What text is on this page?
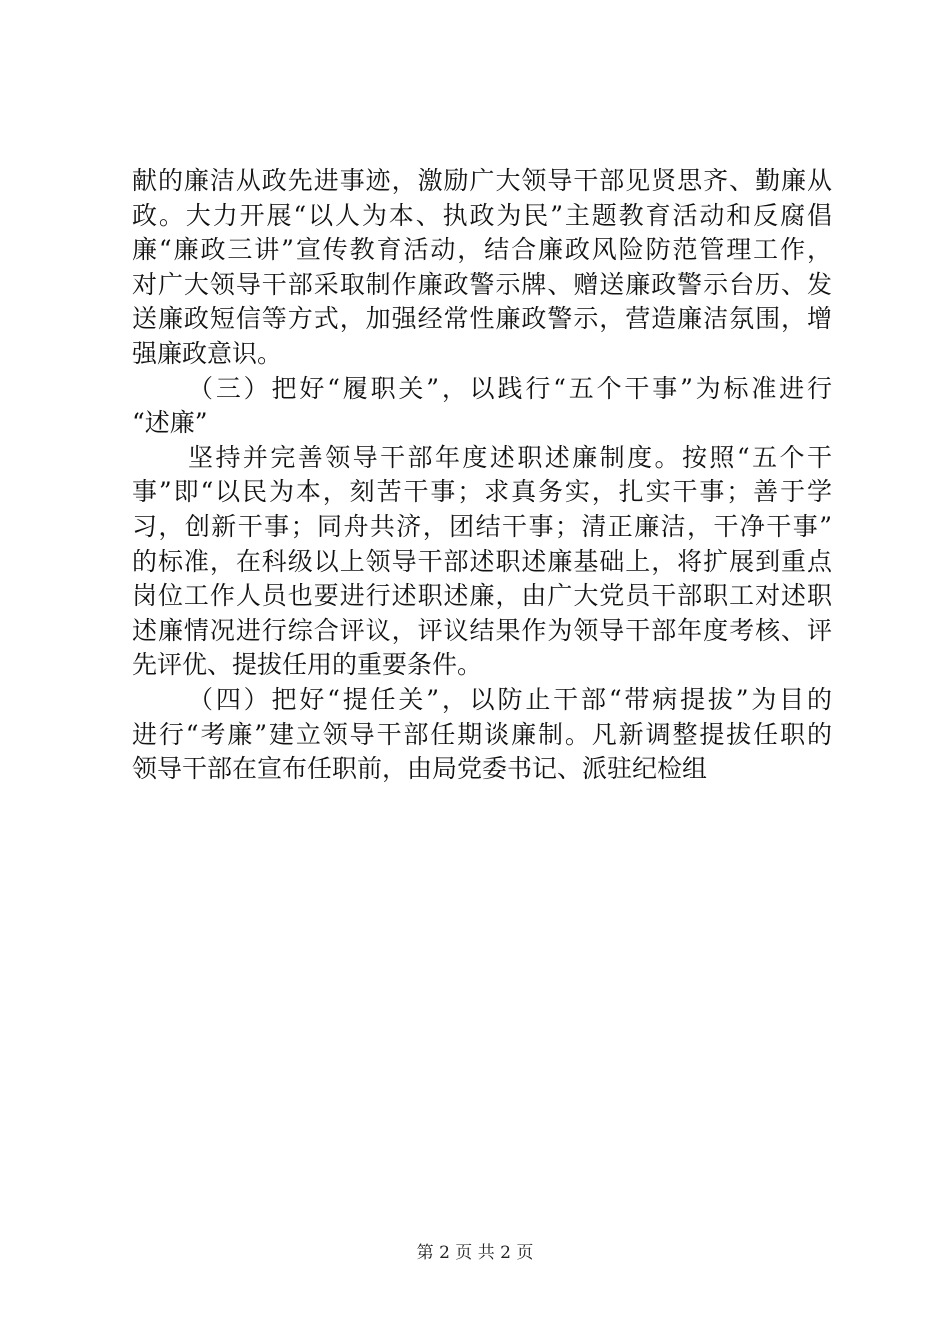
献的廉洁从政先进事迹，激励广大领导干部见贤思齐、勤廉从
政。大力开展“以人为本、执政为民”主题教育活动和反腐倡
廉“廉政三讲”宣传教育活动，结合廉政风险防范管理工作，
对广大领导干部采取制作廉政警示牌、赠送廉政警示台历、发
送廉政短信等方式，加强经常性廉政警示，营造廉洁氛围，增
强廉政意识。
（三）把好“履职关”，以践行“五个干事”为标准进行
“述廉”
坚持并完善领导干部年度述职述廉制度。按照“五个干
事”即“以民为本，刻苦干事；求真务实，扎实干事；善于学
习，创新干事；同舟共济，团结干事；清正廉洁，干净干事”
的标准，在科级以上领导干部述职述廉基础上，将扩展到重点
岗位工作人员也要进行述职述廉，由广大党员干部职工对述职
述廉情况进行综合评议，评议结果作为领导干部年度考核、评
先评优、提拔任用的重要条件。
（四）把好“提任关”，以防止干部“带病提拔”为目的
进行“考廉”建立领导干部任期谈廉制。凡新调整提拔任职的
领导干部在宣布任职前，由局党委书记、派驻纪检组
第 2 页 共 2 页
